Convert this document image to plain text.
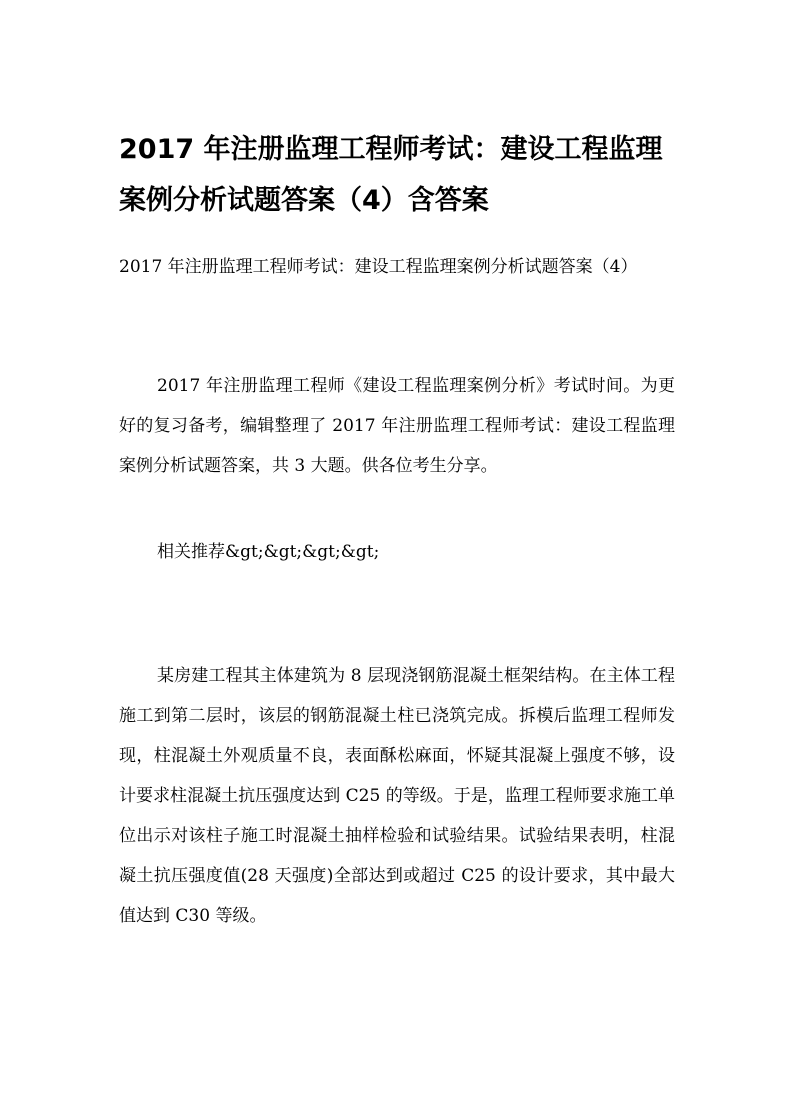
2017 年注册监理工程师考试：建设工程监理案例分析试题答案（4）含答案

2017 年注册监理工程师考试：建设工程监理案例分析试题答案（4）

2017 年注册监理工程师《建设工程监理案例分析》考试时间。为更好的复习备考，编辑整理了 2017 年注册监理工程师考试：建设工程监理案例分析试题答案，共 3 大题。供各位考生分享。

相关推荐&gt;&gt;&gt;&gt;

某房建工程其主体建筑为 8 层现浇钢筋混凝土框架结构。在主体工程施工到第二层时，该层的钢筋混凝土柱已浇筑完成。拆模后监理工程师发现，柱混凝土外观质量不良，表面酥松麻面，怀疑其混凝上强度不够，设计要求柱混凝土抗压强度达到 C25 的等级。于是，监理工程师要求施工单位出示对该柱子施工时混凝土抽样检验和试验结果。试验结果表明，柱混凝土抗压强度值(28 天强度)全部达到或超过 C25 的设计要求，其中最大值达到 C30 等级。
